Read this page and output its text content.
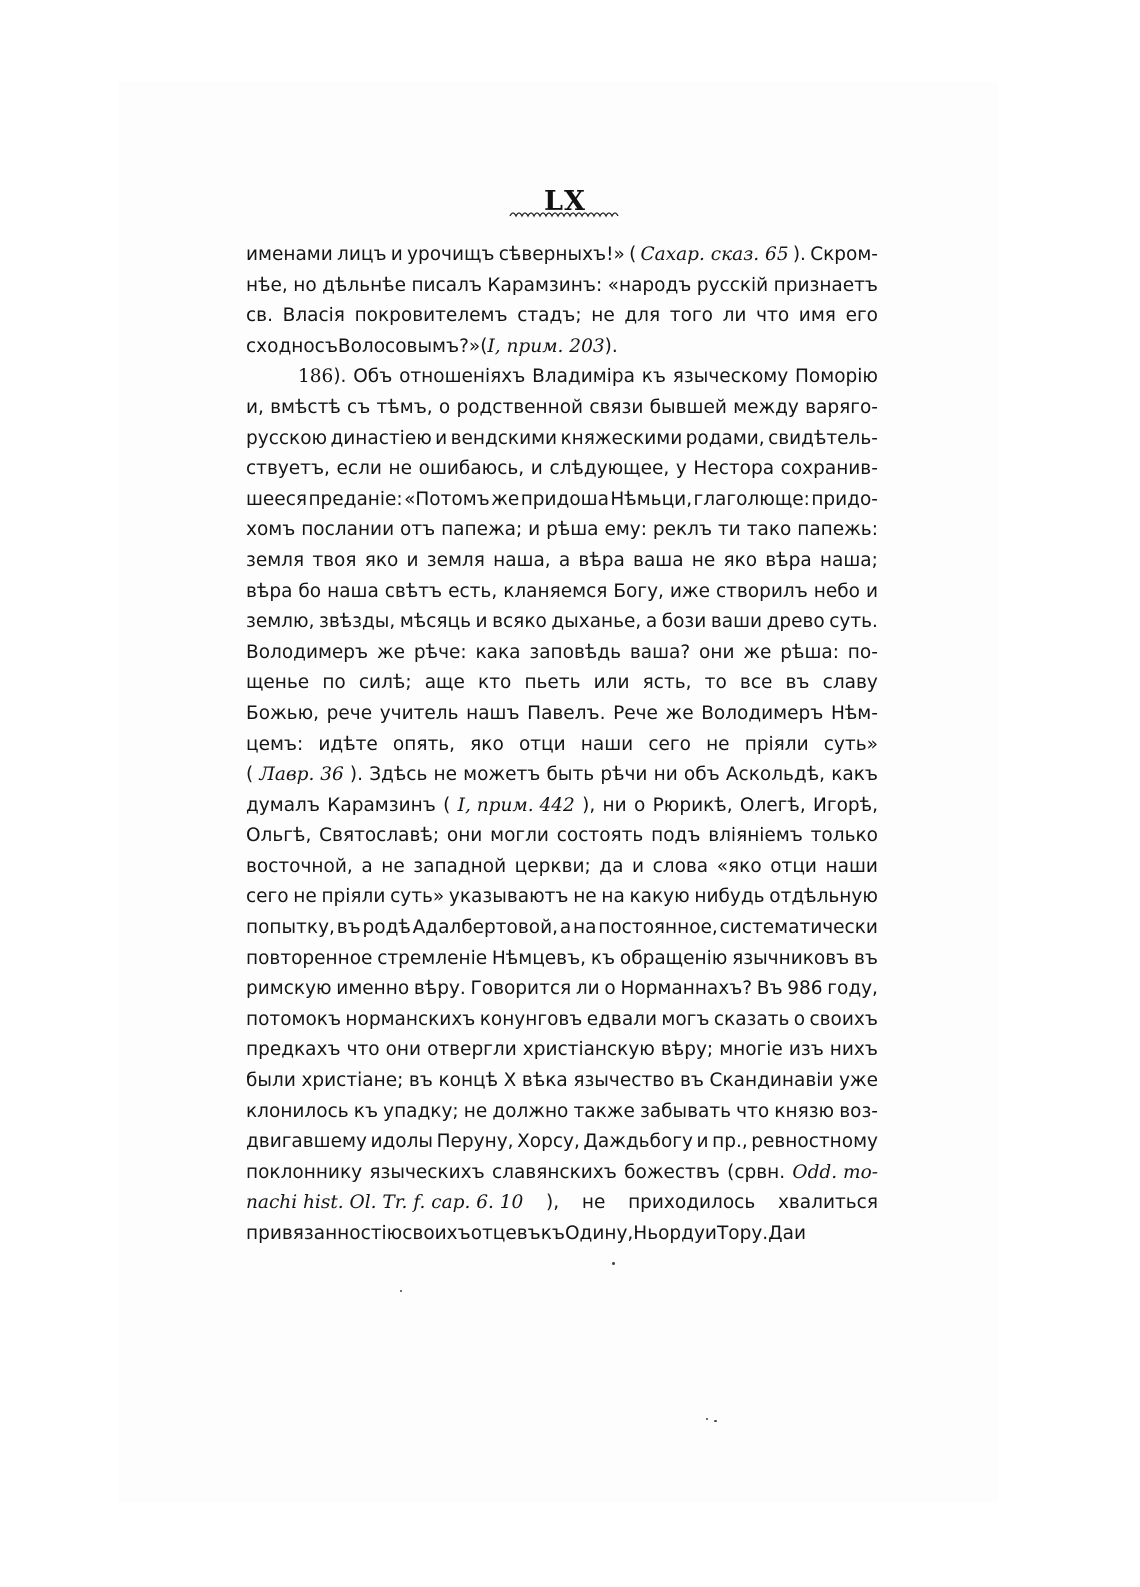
LX
именами лицъ и урочищъ сѣверныхъ!» ( Сахар. сказ. 65 ). Скром-
нѣе, но дѣльнѣе писалъ Карамзинъ: «народъ русскій признаетъ
св. Власія покровителемъ стадъ; не для того ли что имя его
сходно съ Волосовымъ?» ( I, прим. 203 ).
186). Объ отношеніяхъ Владиміра къ языческому Поморію
и, вмѣстѣ съ тѣмъ, о родственной связи бывшей между варяго-
русскою династіею и вендскими княжескими родами, свидѣтель-
ствуетъ, если не ошибаюсь, и слѣдующее, у Нестора сохранив-
шееся преданіе: «Потомъ же придоша Нѣмьци, глаголюще: придо-
хомъ послании отъ папежа; и рѣша ему: реклъ ти тако папежь:
земля твоя яко и земля наша, а вѣра ваша не яко вѣра наша;
вѣра бо наша свѣтъ есть, кланяемся Богу, иже створилъ небо и
землю, звѣзды, мѣсяць и всяко дыханье, а бози ваши древо суть.
Володимеръ же рѣче: кака заповѣдь ваша? они же рѣша: по-
щенье по силѣ; аще кто пьеть или ясть, то все въ славу
Божью, рече учитель нашъ Павелъ. Рече же Володимеръ Нѣм-
цемъ: идѣте опять, яко отци наши сего не пріяли суть»
( Лавр. 36 ). Здѣсь не можетъ быть рѣчи ни объ Аскольдѣ, какъ
думалъ Карамзинъ ( I, прим. 442 ), ни о Рюрикѣ, Олегѣ, Игорѣ,
Ольгѣ, Святославѣ; они могли состоять подъ вліяніемъ только
восточной, а не западной церкви; да и слова «яко отци наши
сего не пріяли суть» указываютъ не на какую нибудь отдѣльную
попытку, въ родѣ Адалбертовой, а на постоянное, систематически
повторенное стремленіе Нѣмцевъ, къ обращенію язычниковъ въ
римскую именно вѣру. Говорится ли о Норманнахъ? Въ 986 году,
потомокъ норманскихъ конунговъ едвали могъ сказать о своихъ
предкахъ что они отвергли христіанскую вѣру; многіе изъ нихъ
были христiане; въ концѣ X вѣка язычество въ Скандинавіи уже
клонилось къ упадку; не должно также забывать что князю воз-
двигавшему идолы Перуну, Хорсу, Даждьбогу и пр., ревностному
поклоннику языческихъ славянскихъ божествъ (срвн. Odd. mo-
nachi hist. Ol. Tr. f. cap. 6. 10 ), не приходилось хвалиться
привязанностію своихъ отцевъ къ Одину, Ньорду и Тору. Да и
